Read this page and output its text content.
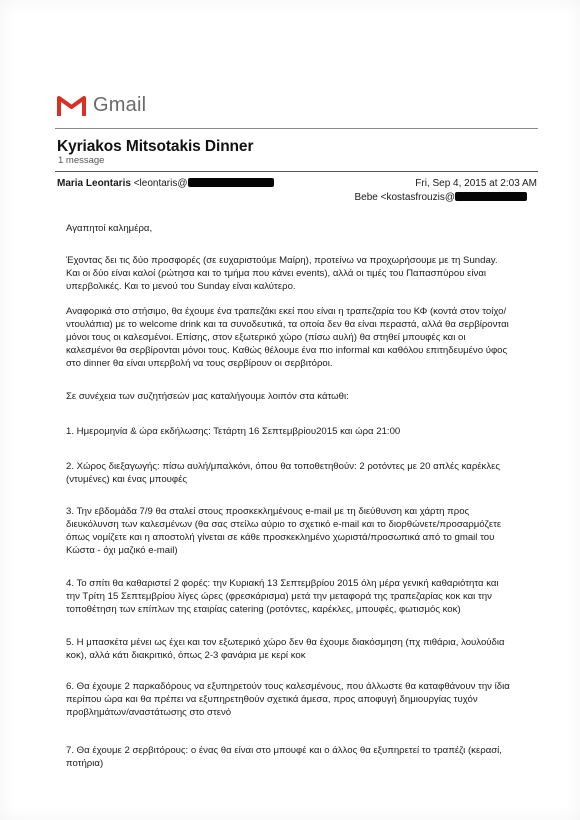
Gmail
Kyriakos Mitsotakis Dinner
1 message
Maria Leontaris <leontaris@	Fri, Sep 4, 2015 at 2:03 AM
Bebe <kostasfrouzis@

Αγαπητοί καλημέρα,

Έχοντας δει τις δύο προσφορές (σε ευχαριστούμε Μαίρη), προτείνω να προχωρήσουμε με τη Sunday. Και οι δύο είναι καλοί (ρώτησα και το τμήμα που κάνει events), αλλά οι τιμές του Παπασπύρου είναι υπερβολικές. Και το μενού του Sunday είναι καλύτερο.

Αναφορικά στο στήσιμο, θα έχουμε ένα τραπεζάκι εκεί που είναι η τραπεζαρία του ΚΦ (κοντά στον τοίχο/ντουλάπια) με το welcome drink και τα συνοδευτικά, τα οποία δεν θα είναι περαστά, αλλά θα σερβίρονται μόνοι τους οι καλεσμένοι. Επίσης, στον εξωτερικό χώρο (πίσω αυλή) θα στηθεί μπουφές και οι καλεσμένοι θα σερβίρονται μόνοι τους. Καθώς θέλουμε ένα πιο informal και καθόλου επιτηδευμένο ύφος στο dinner θα είναι υπερβολή να τους σερβίρουν οι σερβιτόροι.

Σε συνέχεια των συζητήσεών μας καταλήγουμε λοιπόν στα κάτωθι:

1. Ημερομηνία & ώρα εκδήλωσης: Τετάρτη 16 Σεπτεμβρίου2015 και ώρα 21:00

2. Χώρος διεξαγωγής: πίσω αυλή/μπαλκόνι, όπου θα τοποθετηθούν: 2 ροτόντες με 20 απλές καρέκλες (ντυμένες) και ένας μπουφές

3. Την εβδομάδα 7/9 θα σταλεί στους προσκεκλημένους e-mail με τη διεύθυνση και χάρτη προς διευκόλυνση των καλεσμένων (θα σας στείλω αύριο το σχετικό e-mail και το διορθώνετε/προσαρμόζετε όπως νομίζετε και η αποστολή γίνεται σε κάθε προσκεκλημένο χωριστά/προσωπικά από το gmail του Κώστα - όχι μαζικό e-mail)

4. Το σπίτι θα καθαριστεί 2 φορές: την Κυριακή 13 Σεπτεμβρίου 2015 όλη μέρα γενική καθαριότητα και την Τρίτη 15 Σεπτεμβρίου λίγες ώρες (φρεσκάρισμα) μετά την μεταφορά της τραπεζαρίας κοκ και την τοποθέτηση των επίπλων της εταιρίας catering (ροτόντες, καρέκλες, μπουφές, φωτισμός κοκ)

5. Η μπασκέτα μένει ως έχει και τον εξωτερικό χώρο δεν θα έχουμε διακόσμηση (πχ πιθάρια, λουλούδια κοκ), αλλά κάτι διακριτικό, όπως 2-3 φανάρια με κερί κοκ

6. Θα έχουμε 2 παρκαδόρους να εξυπηρετούν τους καλεσμένους, που άλλωστε θα καταφθάνουν την ίδια περίπου ώρα και θα πρέπει να εξυπηρετηθούν σχετικά άμεσα, προς αποφυγή δημιουργίας τυχόν προβλημάτων/αναστάτωσης στο στενό

7. Θα έχουμε 2 σερβιτόρους: ο ένας θα είναι στο μπουφέ και ο άλλος θα εξυπηρετεί το τραπέζι (κερασί, ποτήρια)
